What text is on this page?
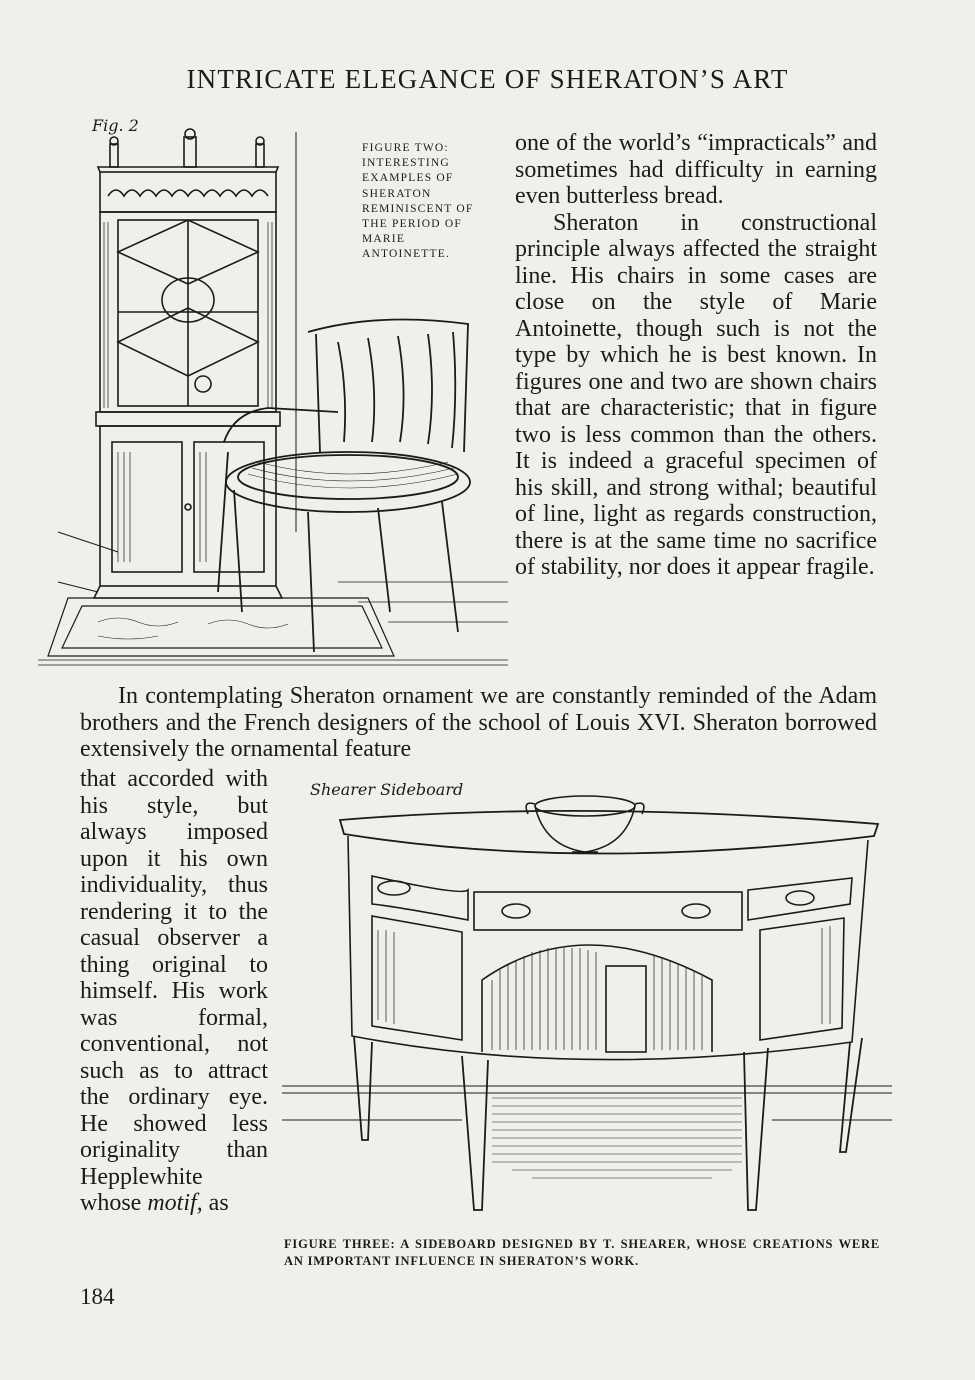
INTRICATE ELEGANCE OF SHERATON’S ART
Fig. 2
FIGURE TWO: INTERESTING EXAMPLES OF SHERATON REMINISCENT OF THE PERIOD OF MARIE ANTOINETTE.

one of the world’s “impracticals” and sometimes had difficulty in earning even butterless bread.

Sheraton in constructional principle always affected the straight line. His chairs in some cases are close on the style of Marie Antoinette, though such is not the type by which he is best known. In figures one and two are shown chairs that are characteristic; that in figure two is less common than the others. It is indeed a graceful specimen of his skill, and strong withal; beautiful of line, light as regards construction, there is at the same time no sacrifice of stability, nor does it appear fragile.

In contemplating Sheraton ornament we are constantly reminded of the Adam brothers and the French designers of the school of Louis XVI. Sheraton borrowed extensively the ornamental feature

that accorded with his style, but always imposed upon it his own individuality, thus rendering it to the casual observer a thing original to himself. His work was formal, conventional, not such as to attract the ordinary eye. He showed less originality than Hepplewhite whose motif, as

Shearer Sideboard
FIGURE THREE: A SIDEBOARD DESIGNED BY T. SHEARER, WHOSE CREATIONS WERE AN IMPORTANT INFLUENCE IN SHERATON’S WORK.
184
